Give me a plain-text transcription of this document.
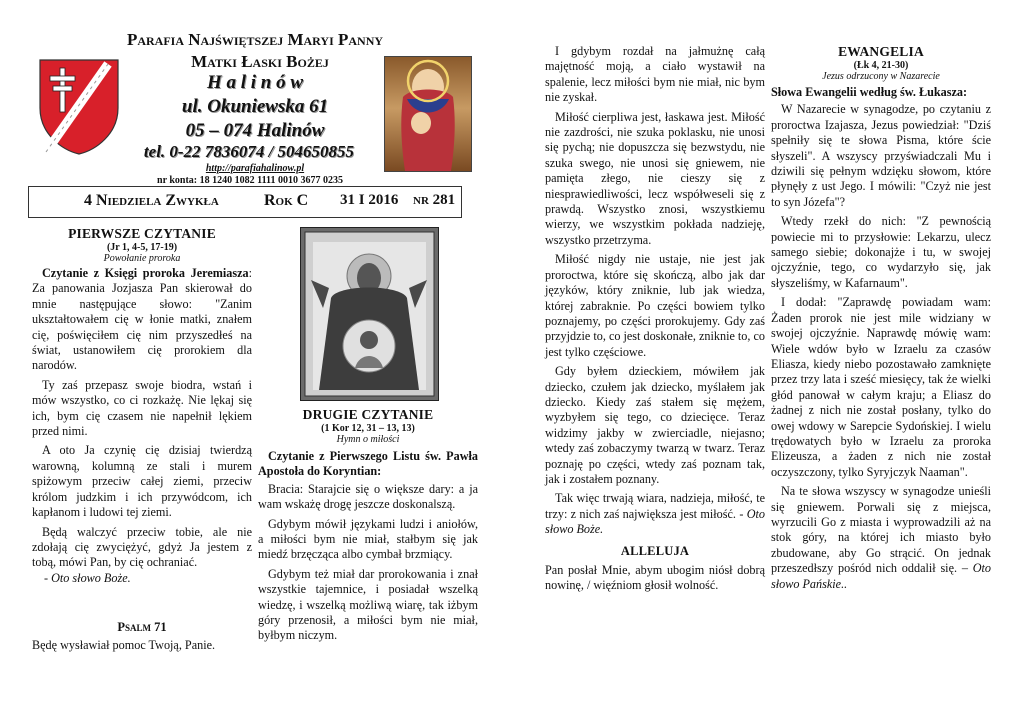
Parafia Najświętszej Maryi Panny
Matki Łaski Bożej
H a l i n ó w
ul. Okuniewska 61
05 – 074 Halinów
tel. 0-22 7836074 / 504650855
http://parafiahalinow.pl
nr konta: 18 1240 1082 1111 0010 3677 0235
4 Niedziela Zwykła	Rok C 31 I 2016 nr 281
PIERWSZE CZYTANIE
(Jr 1, 4-5, 17-19)
Powołanie proroka

Czytanie z Księgi proroka Jeremiasza: Za panowania Jozjasza Pan skierował do mnie następujące słowo: "Zanim ukształtowałem cię w łonie matki, znałem cię, poświęciłem cię nim przyszedłeś na świat, ustanowiłem cię prorokiem dla narodów.

Ty zaś przepasz swoje biodra, wstań i mów wszystko, co ci rozkażę. Nie lękaj się ich, bym cię czasem nie napełnił lękiem przed nimi.

A oto Ja czynię cię dzisiaj twierdzą warowną, kolumną ze stali i murem spiżowym przeciw całej ziemi, przeciw królom judzkim i ich przywódcom, ich kapłanom i ludowi tej ziemi.

Będą walczyć przeciw tobie, ale nie zdołają cię zwyciężyć, gdyż Ja jestem z tobą, mówi Pan, by cię ochraniać.

- Oto słowo Boże.

Psalm 71
Będę wysławiał pomoc Twoją, Panie.
DRUGIE CZYTANIE
(1 Kor 12, 31 – 13, 13)
Hymn o miłości

Czytanie z Pierwszego Listu św. Pawła Apostoła do Koryntian:

Bracia: Starajcie się o większe dary: a ja wam wskażę drogę jeszcze doskonalszą.

Gdybym mówił językami ludzi i aniołów, a miłości bym nie miał, stałbym się jak miedź brzęcząca albo cymbał brzmiący.

Gdybym też miał dar prorokowania i znał wszystkie tajemnice, i posiadał wszelką wiedzę, i wszelką możliwą wiarę, tak iżbym góry przenosił, a miłości bym nie miał, byłbym niczym.

I gdybym rozdał na jałmużnę całą majętność moją, a ciało wystawił na spalenie, lecz miłości bym nie miał, nic bym nie zyskał.

Miłość cierpliwa jest, łaskawa jest. Miłość nie zazdrości, nie szuka poklasku, nie unosi się pychą; nie dopuszcza się bezwstydu, nie szuka swego, nie unosi się gniewem, nie pamięta złego, nie cieszy się z niesprawiedliwości, lecz współweseli się z prawdą. Wszystko znosi, wszystkiemu wierzy, we wszystkim pokłada nadzieję, wszystko przetrzyma.

Miłość nigdy nie ustaje, nie jest jak proroctwa, które się skończą, albo jak dar języków, który zniknie, lub jak wiedza, której zabraknie. Po części bowiem tylko poznajemy, po części prorokujemy. Gdy zaś przyjdzie to, co jest doskonałe, zniknie to, co jest tylko częściowe.

Gdy byłem dzieckiem, mówiłem jak dziecko, czułem jak dziecko, myślałem jak dziecko. Kiedy zaś stałem się mężem, wyzbyłem się tego, co dziecięce. Teraz widzimy jakby w zwierciadle, niejasno; wtedy zaś zobaczymy twarzą w twarz. Teraz poznaję po części, wtedy zaś poznam tak, jak i zostałem poznany.

Tak więc trwają wiara, nadzieja, miłość, te trzy: z nich zaś największa jest miłość. - Oto słowo Boże.

ALLELUJA

Pan posłał Mnie, abym ubogim niósł dobrą nowinę, / więźniom głosił wolność.

EWANGELIA
(Łk 4, 21-30)
Jezus odrzucony w Nazarecie

Słowa Ewangelii według św. Łukasza:

W Nazarecie w synagodze, po czytaniu z proroctwa Izajasza, Jezus powiedział: "Dziś spełniły się te słowa Pisma, które ście słyszeli". A wszyscy przyświadczali Mu i dziwili się pełnym wdzięku słowom, które płynęły z ust Jego. I mówili: "Czyż nie jest to syn Józefa"?

Wtedy rzekł do nich: "Z pewnością powiecie mi to przysłowie: Lekarzu, ulecz samego siebie; dokonajże i tu, w swojej ojczyźnie, tego, co wydarzyło się, jak słyszeliśmy, w Kafarnaum".

I dodał: "Zaprawdę powiadam wam: Żaden prorok nie jest mile widziany w swojej ojczyźnie. Naprawdę mówię wam: Wiele wdów było w Izraelu za czasów Eliasza, kiedy niebo pozostawało zamknięte przez trzy lata i sześć miesięcy, tak że wielki głód panował w całym kraju; a Eliasz do żadnej z nich nie został posłany, tylko do owej wdowy w Sarepcie Sydońskiej. I wielu trędowatych było w Izraelu za proroka Elizeusza, a żaden z nich nie został oczyszczony, tylko Syryjczyk Naaman".

Na te słowa wszyscy w synagodze unieśli się gniewem. Porwali się z miejsca, wyrzucili Go z miasta i wyprowadzili aż na stok góry, na której ich miasto było zbudowane, aby Go strącić. On jednak przeszedłszy pośród nich oddalił się. – Oto słowo Pańskie..
